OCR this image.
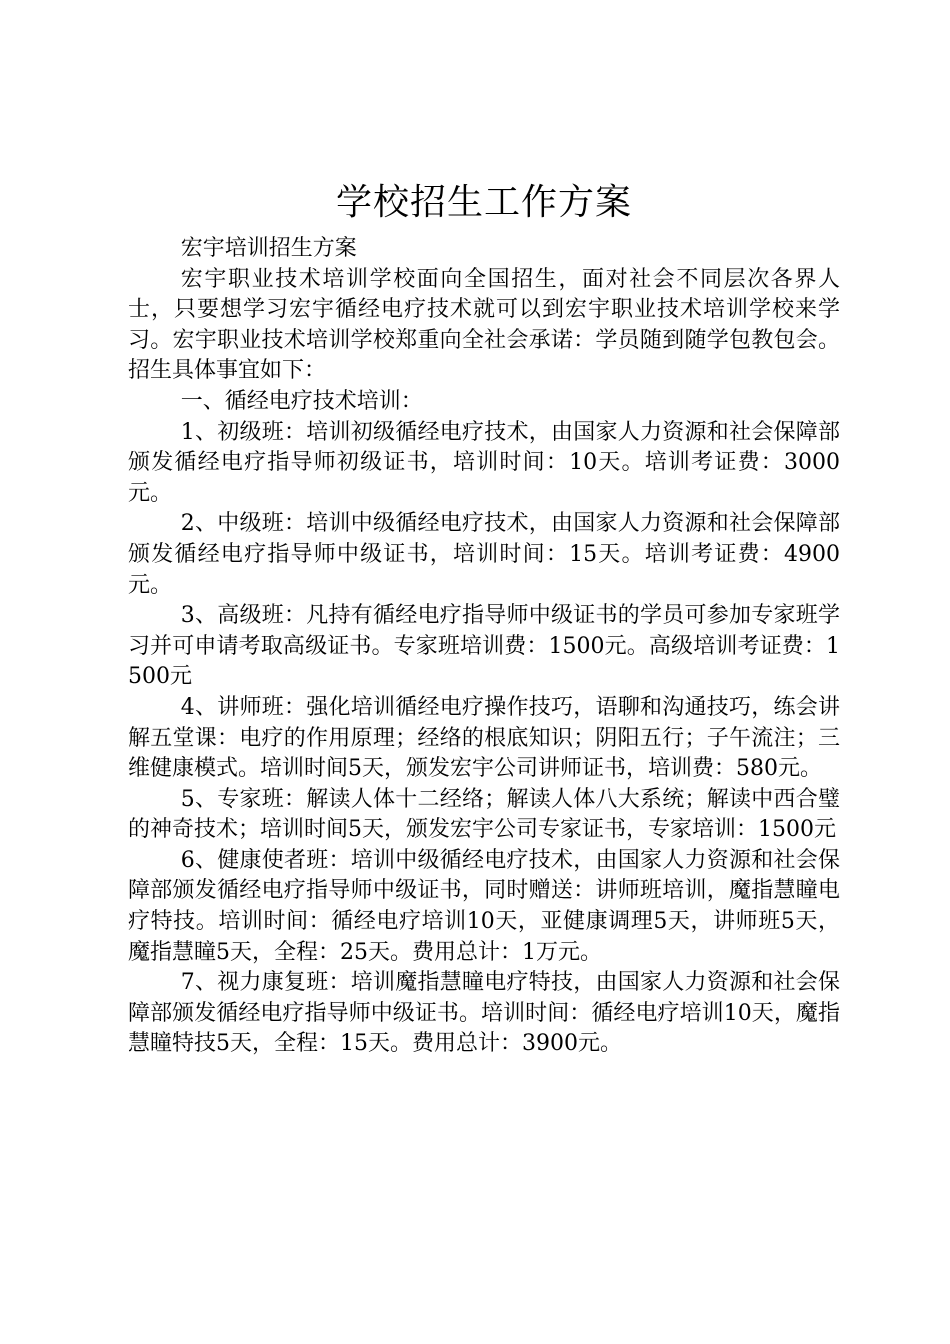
学校招生工作方案

宏宇培训招生方案

宏宇职业技术培训学校面向全国招生，面对社会不同层次各界人士，只要想学习宏宇循经电疗技术就可以到宏宇职业技术培训学校来学习。宏宇职业技术培训学校郑重向全社会承诺：学员随到随学包教包会。招生具体事宜如下：

一、循经电疗技术培训：

1、初级班：培训初级循经电疗技术，由国家人力资源和社会保障部颁发循经电疗指导师初级证书，培训时间：10天。培训考证费：3000元。

2、中级班：培训中级循经电疗技术，由国家人力资源和社会保障部颁发循经电疗指导师中级证书，培训时间：15天。培训考证费：4900元。

3、高级班：凡持有循经电疗指导师中级证书的学员可参加专家班学习并可申请考取高级证书。专家班培训费：1500元。高级培训考证费：1500元

4、讲师班：强化培训循经电疗操作技巧，语聊和沟通技巧，练会讲解五堂课：电疗的作用原理；经络的根底知识；阴阳五行；子午流注；三维健康模式。培训时间5天，颁发宏宇公司讲师证书，培训费：580元。

5、专家班：解读人体十二经络；解读人体八大系统；解读中西合璧的神奇技术；培训时间5天，颁发宏宇公司专家证书，专家培训：1500元

6、健康使者班：培训中级循经电疗技术，由国家人力资源和社会保障部颁发循经电疗指导师中级证书，同时赠送：讲师班培训，魔指慧瞳电疗特技。培训时间：循经电疗培训10天，亚健康调理5天，讲师班5天，魔指慧瞳5天，全程：25天。费用总计：1万元。

7、视力康复班：培训魔指慧瞳电疗特技，由国家人力资源和社会保障部颁发循经电疗指导师中级证书。培训时间：循经电疗培训10天，魔指慧瞳特技5天，全程：15天。费用总计：3900元。
